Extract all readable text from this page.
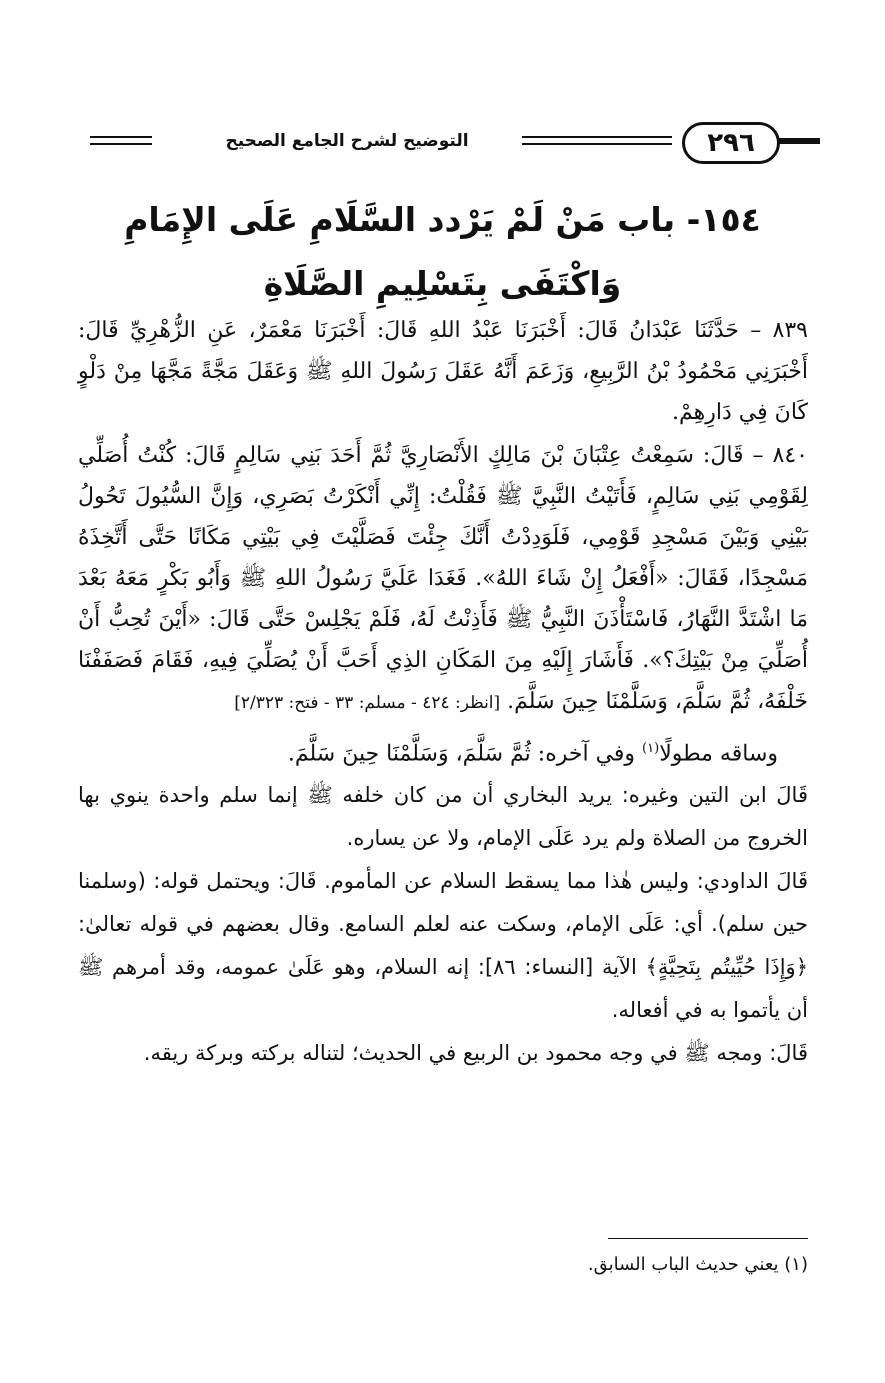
٢٩٦
التوضيح لشرح الجامع الصحيح
١٥٤- باب مَنْ لَمْ يَرْدد السَّلَامِ عَلَى الإِمَامِ
وَاكْتَفَى بِتَسْلِيمِ الصَّلَاةِ

٨٣٩ – حَدَّثَنَا عَبْدَانُ قَالَ: أَخْبَرَنَا عَبْدُ اللهِ قَالَ: أَخْبَرَنَا مَعْمَرٌ، عَنِ الزُّهْرِيِّ قَالَ: أَخْبَرَنِي مَحْمُودُ بْنُ الرَّبِيعِ، وَزَعَمَ أَنَّهُ عَقَلَ رَسُولَ اللهِ ﷺ وَعَقَلَ مَجَّةً مَجَّهَا مِنْ دَلْوٍ كَانَ فِي دَارِهِمْ.

٨٤٠ – قَالَ: سَمِعْتُ عِتْبَانَ بْنَ مَالِكٍ الأَنْصَارِيَّ ثُمَّ أَحَدَ بَنِي سَالِمٍ قَالَ: كُنْتُ أُصَلِّي لِقَوْمِي بَنِي سَالِمٍ، فَأَتَيْتُ النَّبِيَّ ﷺ فَقُلْتُ: إِنِّي أَنْكَرْتُ بَصَرِي، وَإِنَّ السُّيُولَ تَحُولُ بَيْنِي وَبَيْنَ مَسْجِدِ قَوْمِي، فَلَوَدِدْتُ أَنَّكَ جِئْتَ فَصَلَّيْتَ فِي بَيْتِي مَكَانًا حَتَّى أَتَّخِذَهُ مَسْجِدًا، فَقَالَ: «أَفْعَلُ إِنْ شَاءَ اللهُ». فَغَدَا عَلَيَّ رَسُولُ اللهِ ﷺ وَأَبُو بَكْرٍ مَعَهُ بَعْدَ مَا اشْتَدَّ النَّهَارُ، فَاسْتَأْذَنَ النَّبِيُّ ﷺ فَأَذِنْتُ لَهُ، فَلَمْ يَجْلِسْ حَتَّى قَالَ: «أَيْنَ تُحِبُّ أَنْ أُصَلِّيَ مِنْ بَيْتِكَ؟». فَأَشَارَ إِلَيْهِ مِنَ المَكَانِ الذِي أَحَبَّ أَنْ يُصَلِّيَ فِيهِ، فَقَامَ فَصَفَفْنَا خَلْفَهُ، ثُمَّ سَلَّمَ، وَسَلَّمْنَا حِينَ سَلَّمَ. [انظر: ٤٢٤ - مسلم: ٣٣ - فتح: ٢/٣٢٣]

وساقه مطولًا$^{(١)}$ وفي آخره: ثُمَّ سَلَّمَ، وَسَلَّمْنَا حِينَ سَلَّمَ.

قَالَ ابن التين وغيره: يريد البخاري أن من كان خلفه ﷺ إنما سلم واحدة ينوي بها الخروج من الصلاة ولم يرد عَلَى الإمام، ولا عن يساره.

قَالَ الداودي: وليس هٰذا مما يسقط السلام عن المأموم. قَالَ: ويحتمل قوله: (وسلمنا حين سلم). أي: عَلَى الإمام، وسكت عنه لعلم السامع. وقال بعضهم في قوله تعالىٰ: ﴿وَإِذَا حُيِّيتُم بِتَحِيَّةٍ﴾ الآية [النساء: ٨٦]: إنه السلام، وهو عَلَىٰ عمومه، وقد أمرهم ﷺ أن يأتموا به في أفعاله.

قَالَ: ومجه ﷺ في وجه محمود بن الربيع في الحديث؛ لتناله بركته وبركة ريقه.

(١) يعني حديث الباب السابق.
